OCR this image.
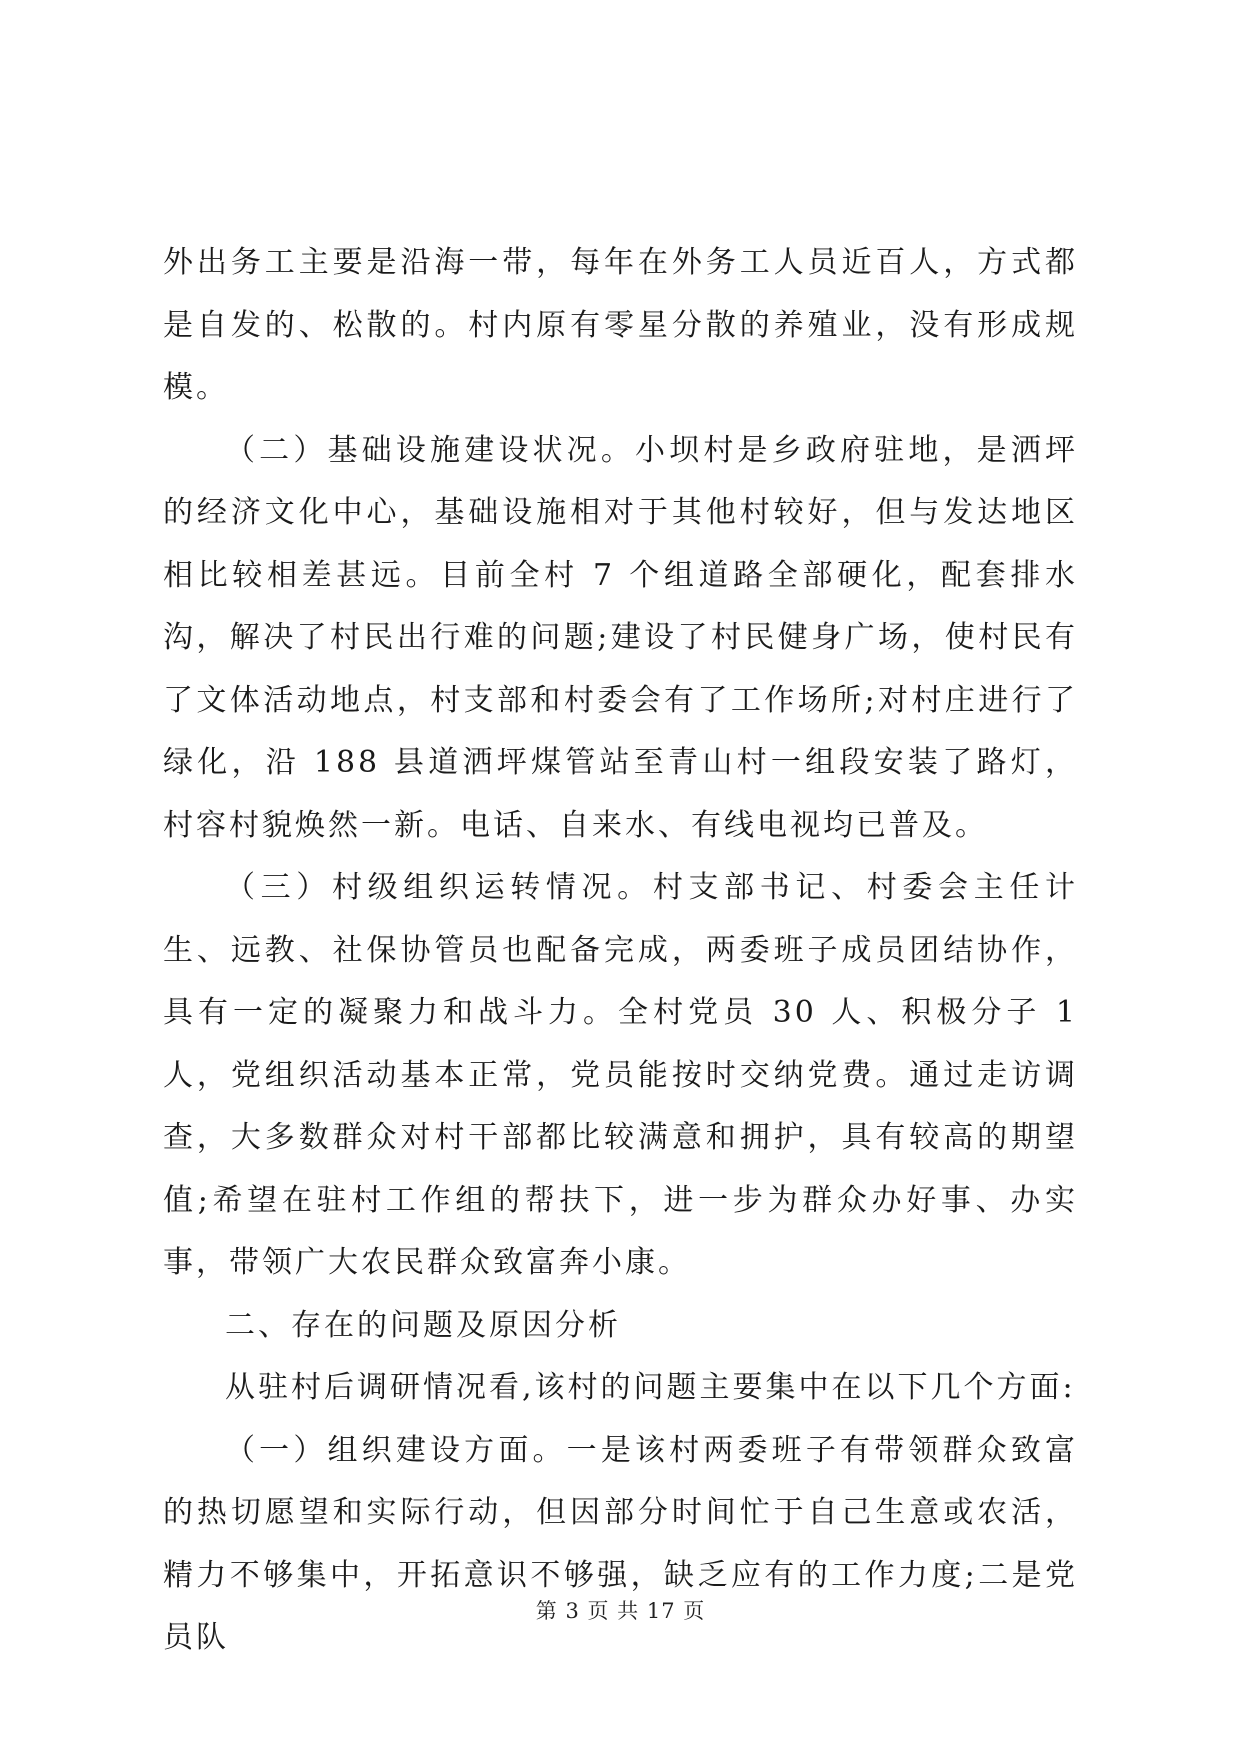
外出务工主要是沿海一带，每年在外务工人员近百人，方式都是自发的、松散的。村内原有零星分散的养殖业，没有形成规模。

（二）基础设施建设状况。小坝村是乡政府驻地，是洒坪的经济文化中心，基础设施相对于其他村较好，但与发达地区相比较相差甚远。目前全村 7 个组道路全部硬化，配套排水沟，解决了村民出行难的问题;建设了村民健身广场，使村民有了文体活动地点，村支部和村委会有了工作场所;对村庄进行了绿化，沿 188 县道洒坪煤管站至青山村一组段安装了路灯，村容村貌焕然一新。电话、自来水、有线电视均已普及。

（三）村级组织运转情况。村支部书记、村委会主任计生、远教、社保协管员也配备完成，两委班子成员团结协作，具有一定的凝聚力和战斗力。全村党员 30 人、积极分子 1 人，党组织活动基本正常，党员能按时交纳党费。通过走访调查，大多数群众对村干部都比较满意和拥护，具有较高的期望值;希望在驻村工作组的帮扶下，进一步为群众办好事、办实事，带领广大农民群众致富奔小康。

二、存在的问题及原因分析

从驻村后调研情况看,该村的问题主要集中在以下几个方面:

（一）组织建设方面。一是该村两委班子有带领群众致富的热切愿望和实际行动，但因部分时间忙于自己生意或农活，精力不够集中，开拓意识不够强，缺乏应有的工作力度;二是党员队

第 3 页 共 17 页
